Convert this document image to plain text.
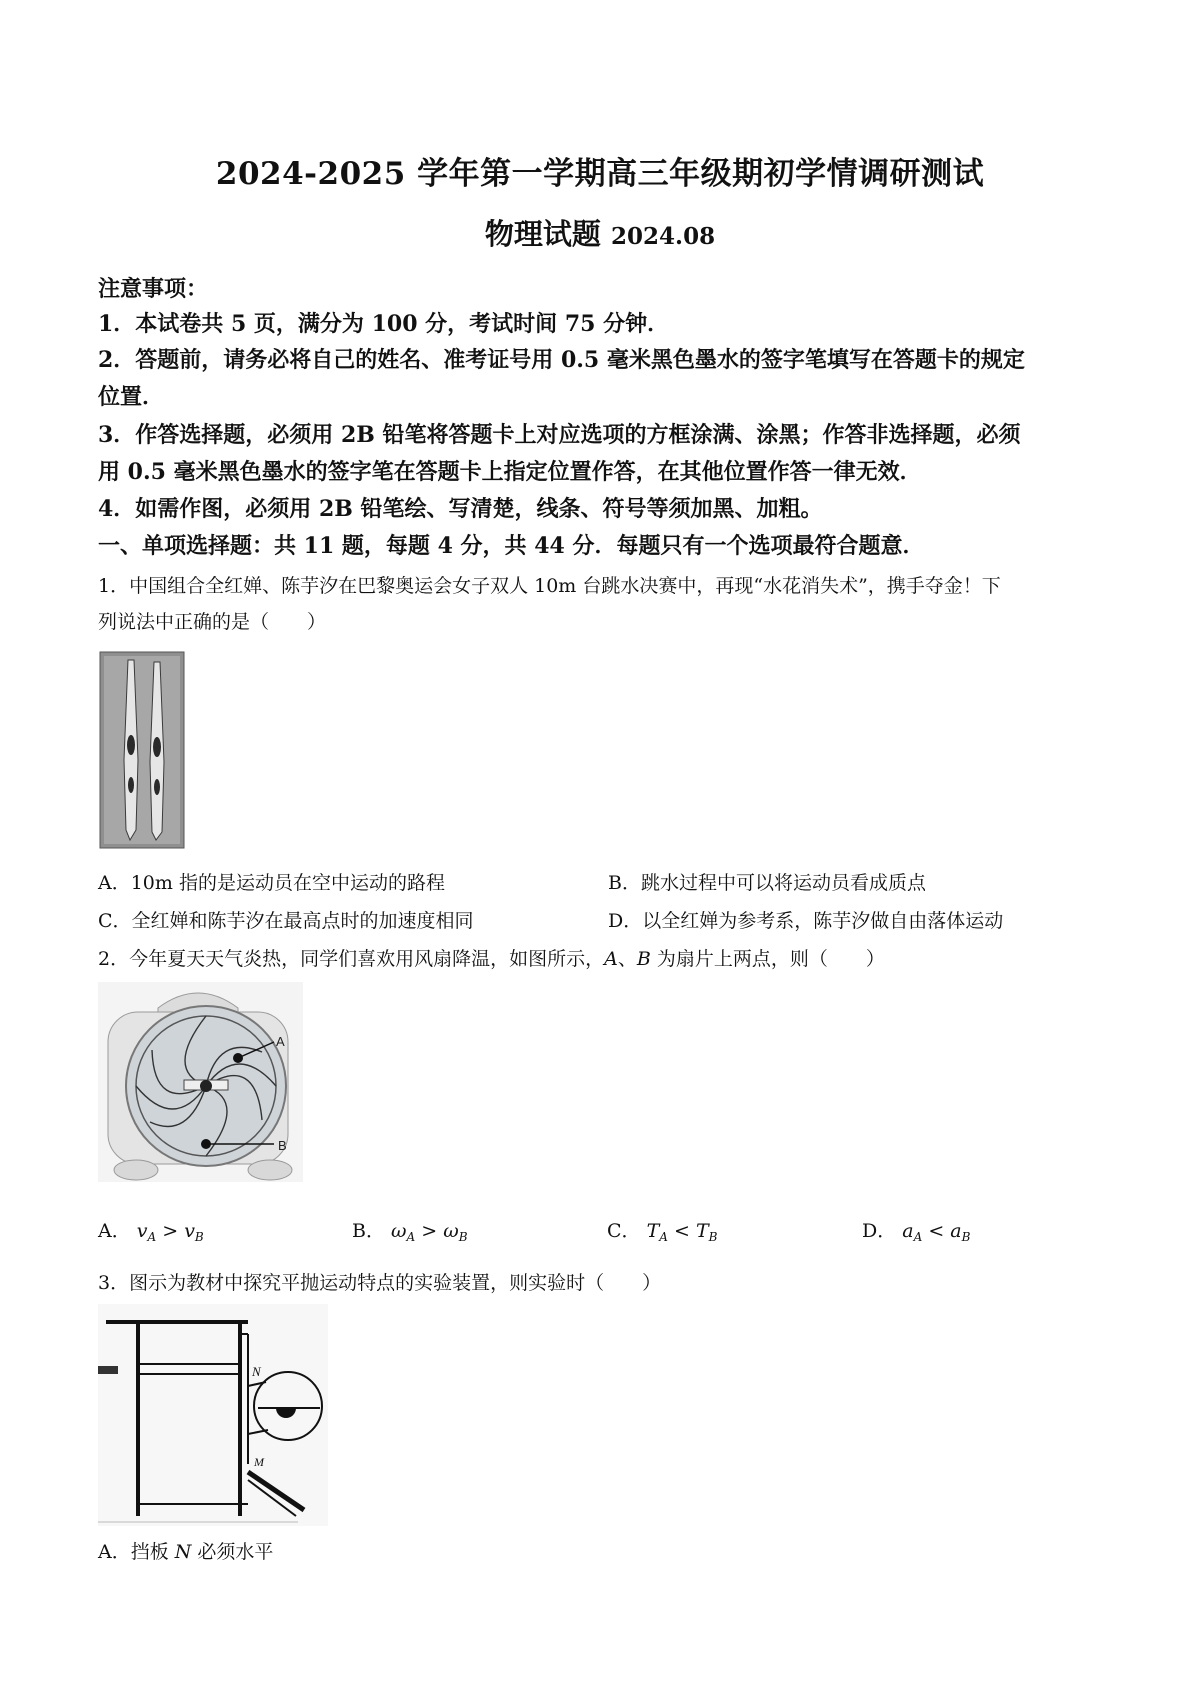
2024-2025 学年第一学期高三年级期初学情调研测试
物理试题 2024.08
注意事项：
1．本试卷共 5 页，满分为 100 分，考试时间 75 分钟．
2．答题前，请务必将自己的姓名、准考证号用 0.5 毫米黑色墨水的签字笔填写在答题卡的规定
位置．
3．作答选择题，必须用 2B 铅笔将答题卡上对应选项的方框涂满、涂黑；作答非选择题，必须
用 0.5 毫米黑色墨水的签字笔在答题卡上指定位置作答，在其他位置作答一律无效．
4．如需作图，必须用 2B 铅笔绘、写清楚，线条、符号等须加黑、加粗。
一、单项选择题：共 11 题，每题 4 分，共 44 分．每题只有一个选项最符合题意．
1．中国组合全红婵、陈芋汐在巴黎奥运会女子双人 10m 台跳水决赛中，再现“水花消失术”，携手夺金！下
列说法中正确的是（　　）
A．10m 指的是运动员在空中运动的路程	B．跳水过程中可以将运动员看成质点
C．全红婵和陈芋汐在最高点时的加速度相同	D．以全红婵为参考系，陈芋汐做自由落体运动
2．今年夏天天气炎热，同学们喜欢用风扇降温，如图所示，A、B 为扇片上两点，则（　　）
A
B
A． $v_A > v_B$	B． $\omega_A > \omega_B$	C． $T_A < T_B$	D． $a_A < a_B$
3．图示为教材中探究平抛运动特点的实验装置，则实验时（　　）
N
M
A．挡板 N 必须水平
